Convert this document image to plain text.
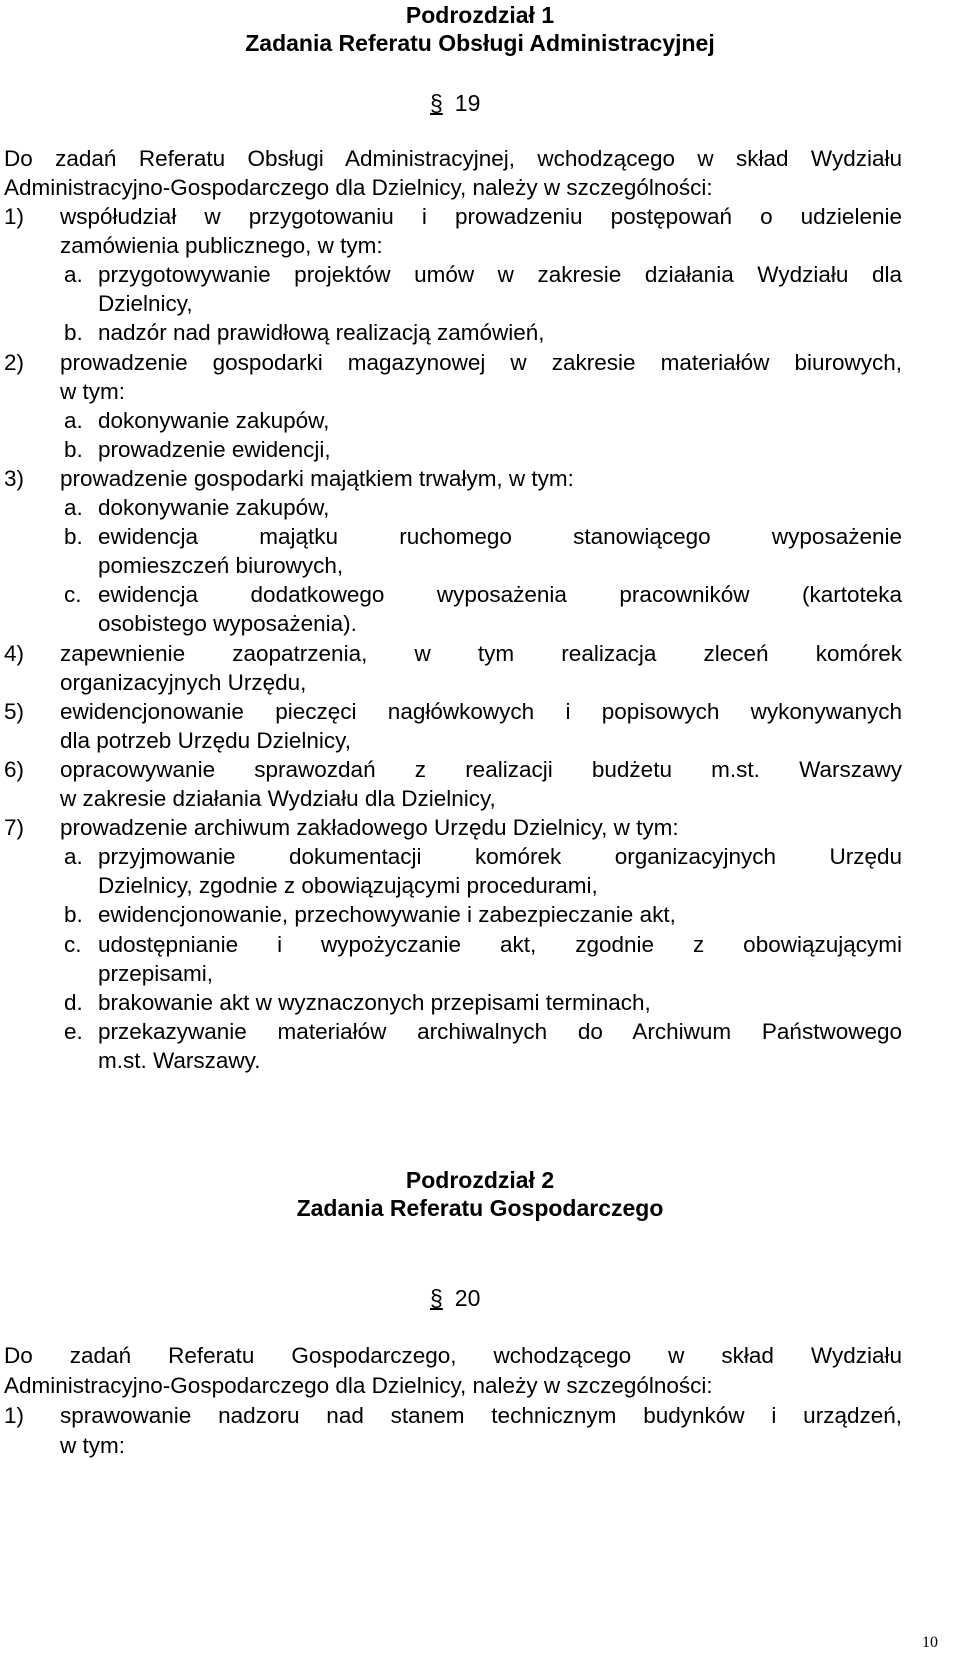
Podrozdział 1
Zadania Referatu Obsługi Administracyjnej
§ 19
Do zadań Referatu Obsługi Administracyjnej, wchodzącego w skład Wydziału
Administracyjno-Gospodarczego dla Dzielnicy, należy w szczególności:
1) współudział w przygotowaniu i prowadzeniu postępowań o udzielenie
zamówienia publicznego, w tym:
a. przygotowywanie projektów umów w zakresie działania Wydziału dla
Dzielnicy,
b. nadzór nad prawidłową realizacją zamówień,
2) prowadzenie gospodarki magazynowej w zakresie materiałów biurowych,
w tym:
a. dokonywanie zakupów,
b. prowadzenie ewidencji,
3) prowadzenie gospodarki majątkiem trwałym, w tym:
a. dokonywanie zakupów,
b. ewidencja majątku ruchomego stanowiącego wyposażenie
pomieszczeń biurowych,
c. ewidencja dodatkowego wyposażenia pracowników (kartoteka
osobistego wyposażenia).
4) zapewnienie zaopatrzenia, w tym realizacja zleceń komórek
organizacyjnych Urzędu,
5) ewidencjonowanie pieczęci nagłówkowych i popisowych wykonywanych
dla potrzeb Urzędu Dzielnicy,
6) opracowywanie sprawozdań z realizacji budżetu m.st. Warszawy
w zakresie działania Wydziału dla Dzielnicy,
7) prowadzenie archiwum zakładowego Urzędu Dzielnicy, w tym:
a. przyjmowanie dokumentacji komórek organizacyjnych Urzędu
Dzielnicy, zgodnie z obowiązującymi procedurami,
b. ewidencjonowanie, przechowywanie i zabezpieczanie akt,
c. udostępnianie i wypożyczanie akt, zgodnie z obowiązującymi
przepisami,
d. brakowanie akt w wyznaczonych przepisami terminach,
e. przekazywanie materiałów archiwalnych do Archiwum Państwowego
m.st. Warszawy.
Podrozdział 2
Zadania Referatu Gospodarczego
§ 20
Do zadań Referatu Gospodarczego, wchodzącego w skład Wydziału
Administracyjno-Gospodarczego dla Dzielnicy, należy w szczególności:
1) sprawowanie nadzoru nad stanem technicznym budynków i urządzeń,
w tym:
10
